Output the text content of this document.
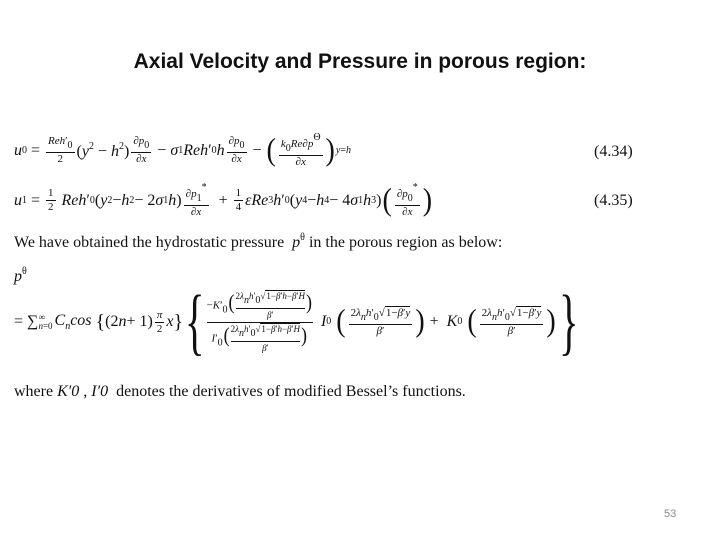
Axial Velocity and Pressure in porous region:
u $0 = \frac{\text{Reh′0}}{2} (y^2 - h^2) \frac{\partial p0}{\partial x} - \sigma$ 1 Reh ′ 0 h $\frac{\partial p0}{\partial x}$ − ( $\frac{k0Re\partial p\Theta}{\partial x}$ ) y=h	(4.34)
u $1 = \frac{1}{2}$
Reh ′ 0 ( y 2 − h 2 − 2 σ 1 h ) $\frac{\partial p1*}{\partial x} + \frac{1}{4}$ εRe 3 h ′ 0 ( y 4 − h 4 − 4 σ 1 h 3 ) ( $\frac{\partial p0*}{\partial x}$ )	(4.35)
We have obtained the hydrostatic pressure $p^\theta$ in the porous region as below:
$p^\theta$
= ∑ ∞
n=0 $C_n\cos$
{ (2 $n + 1) \frac{\pi}{2}$ x } { −K′0( 2λnh′0√1−β′h−β′H
β′
)
I′0( 2λnh′0√1−β′h−β′H
β′
)

I 0
( $\frac{\text{2λnh′0√1−β′y}}{\beta'}$ ) + K 0
( $\frac{\text{2λnh′0√1−β′y}}{\beta'}$ ) }
where K′0 , I′0 denotes the derivatives of modified Bessel’s functions.
53
